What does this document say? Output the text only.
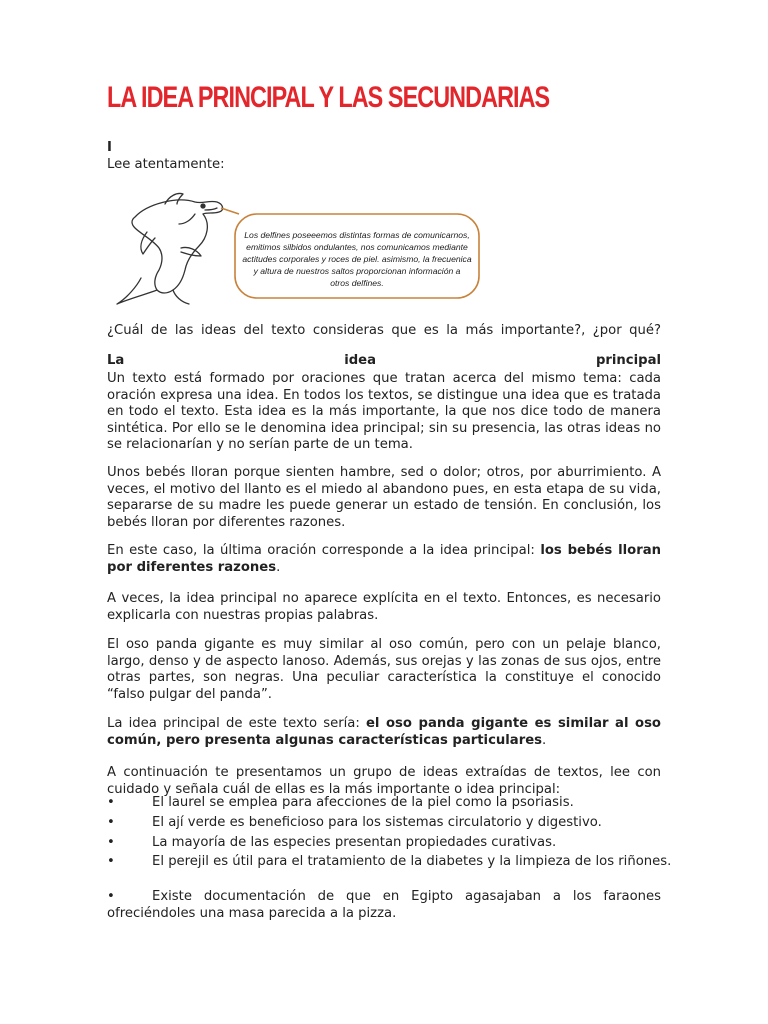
LA IDEA PRINCIPAL Y LAS SECUNDARIAS
I
Lee atentamente:
Los delfines poseeemos distintas formas de comunicarnos,
emitimos silbidos ondulantes, nos comunicamos mediante
actitudes corporales y roces de piel. asimismo, la frecuenica
y altura de nuestros saltos proporcionan información a
otros delfines.

¿Cuál de las ideas del texto consideras que es la más importante?, ¿por qué?

La	idea	principal

Un texto está formado por oraciones que tratan acerca del mismo tema: cada oración expresa una idea. En todos los textos, se distingue una idea que es tratada en todo el texto. Esta idea es la más importante, la que nos dice todo de manera sintética. Por ello se le denomina idea principal; sin su presencia, las otras ideas no se relacionarían y no serían parte de un tema.

Unos bebés lloran porque sienten hambre, sed o dolor; otros, por aburrimiento. A veces, el motivo del llanto es el miedo al abandono pues, en esta etapa de su vida, separarse de su madre les puede generar un estado de tensión. En conclusión, los bebés lloran por diferentes razones.

En este caso, la última oración corresponde a la idea principal: los bebés lloran por diferentes razones.

A veces, la idea principal no aparece explícita en el texto. Entonces, es necesario explicarla con nuestras propias palabras.

El oso panda gigante es muy similar al oso común, pero con un pelaje blanco, largo, denso y de aspecto lanoso. Además, sus orejas y las zonas de sus ojos, entre otras partes, son negras. Una peculiar característica la constituye el conocido “falso pulgar del panda”.

La idea principal de este texto sería: el oso panda gigante es similar al oso común, pero presenta algunas características particulares.

A continuación te presentamos un grupo de ideas extraídas de textos, lee con cuidado y señala cuál de ellas es la más importante o idea principal:

•	El laurel se emplea para afecciones de la piel como la psoriasis.
•	El ají verde es beneficioso para los sistemas circulatorio y digestivo.
•	La mayoría de las especies presentan propiedades curativas.
•	El perejil es útil para el tratamiento de la diabetes y la limpieza de los riñones.
•	Existe documentación de que en Egipto agasajaban a los faraones ofreciéndoles una masa parecida a la pizza.
